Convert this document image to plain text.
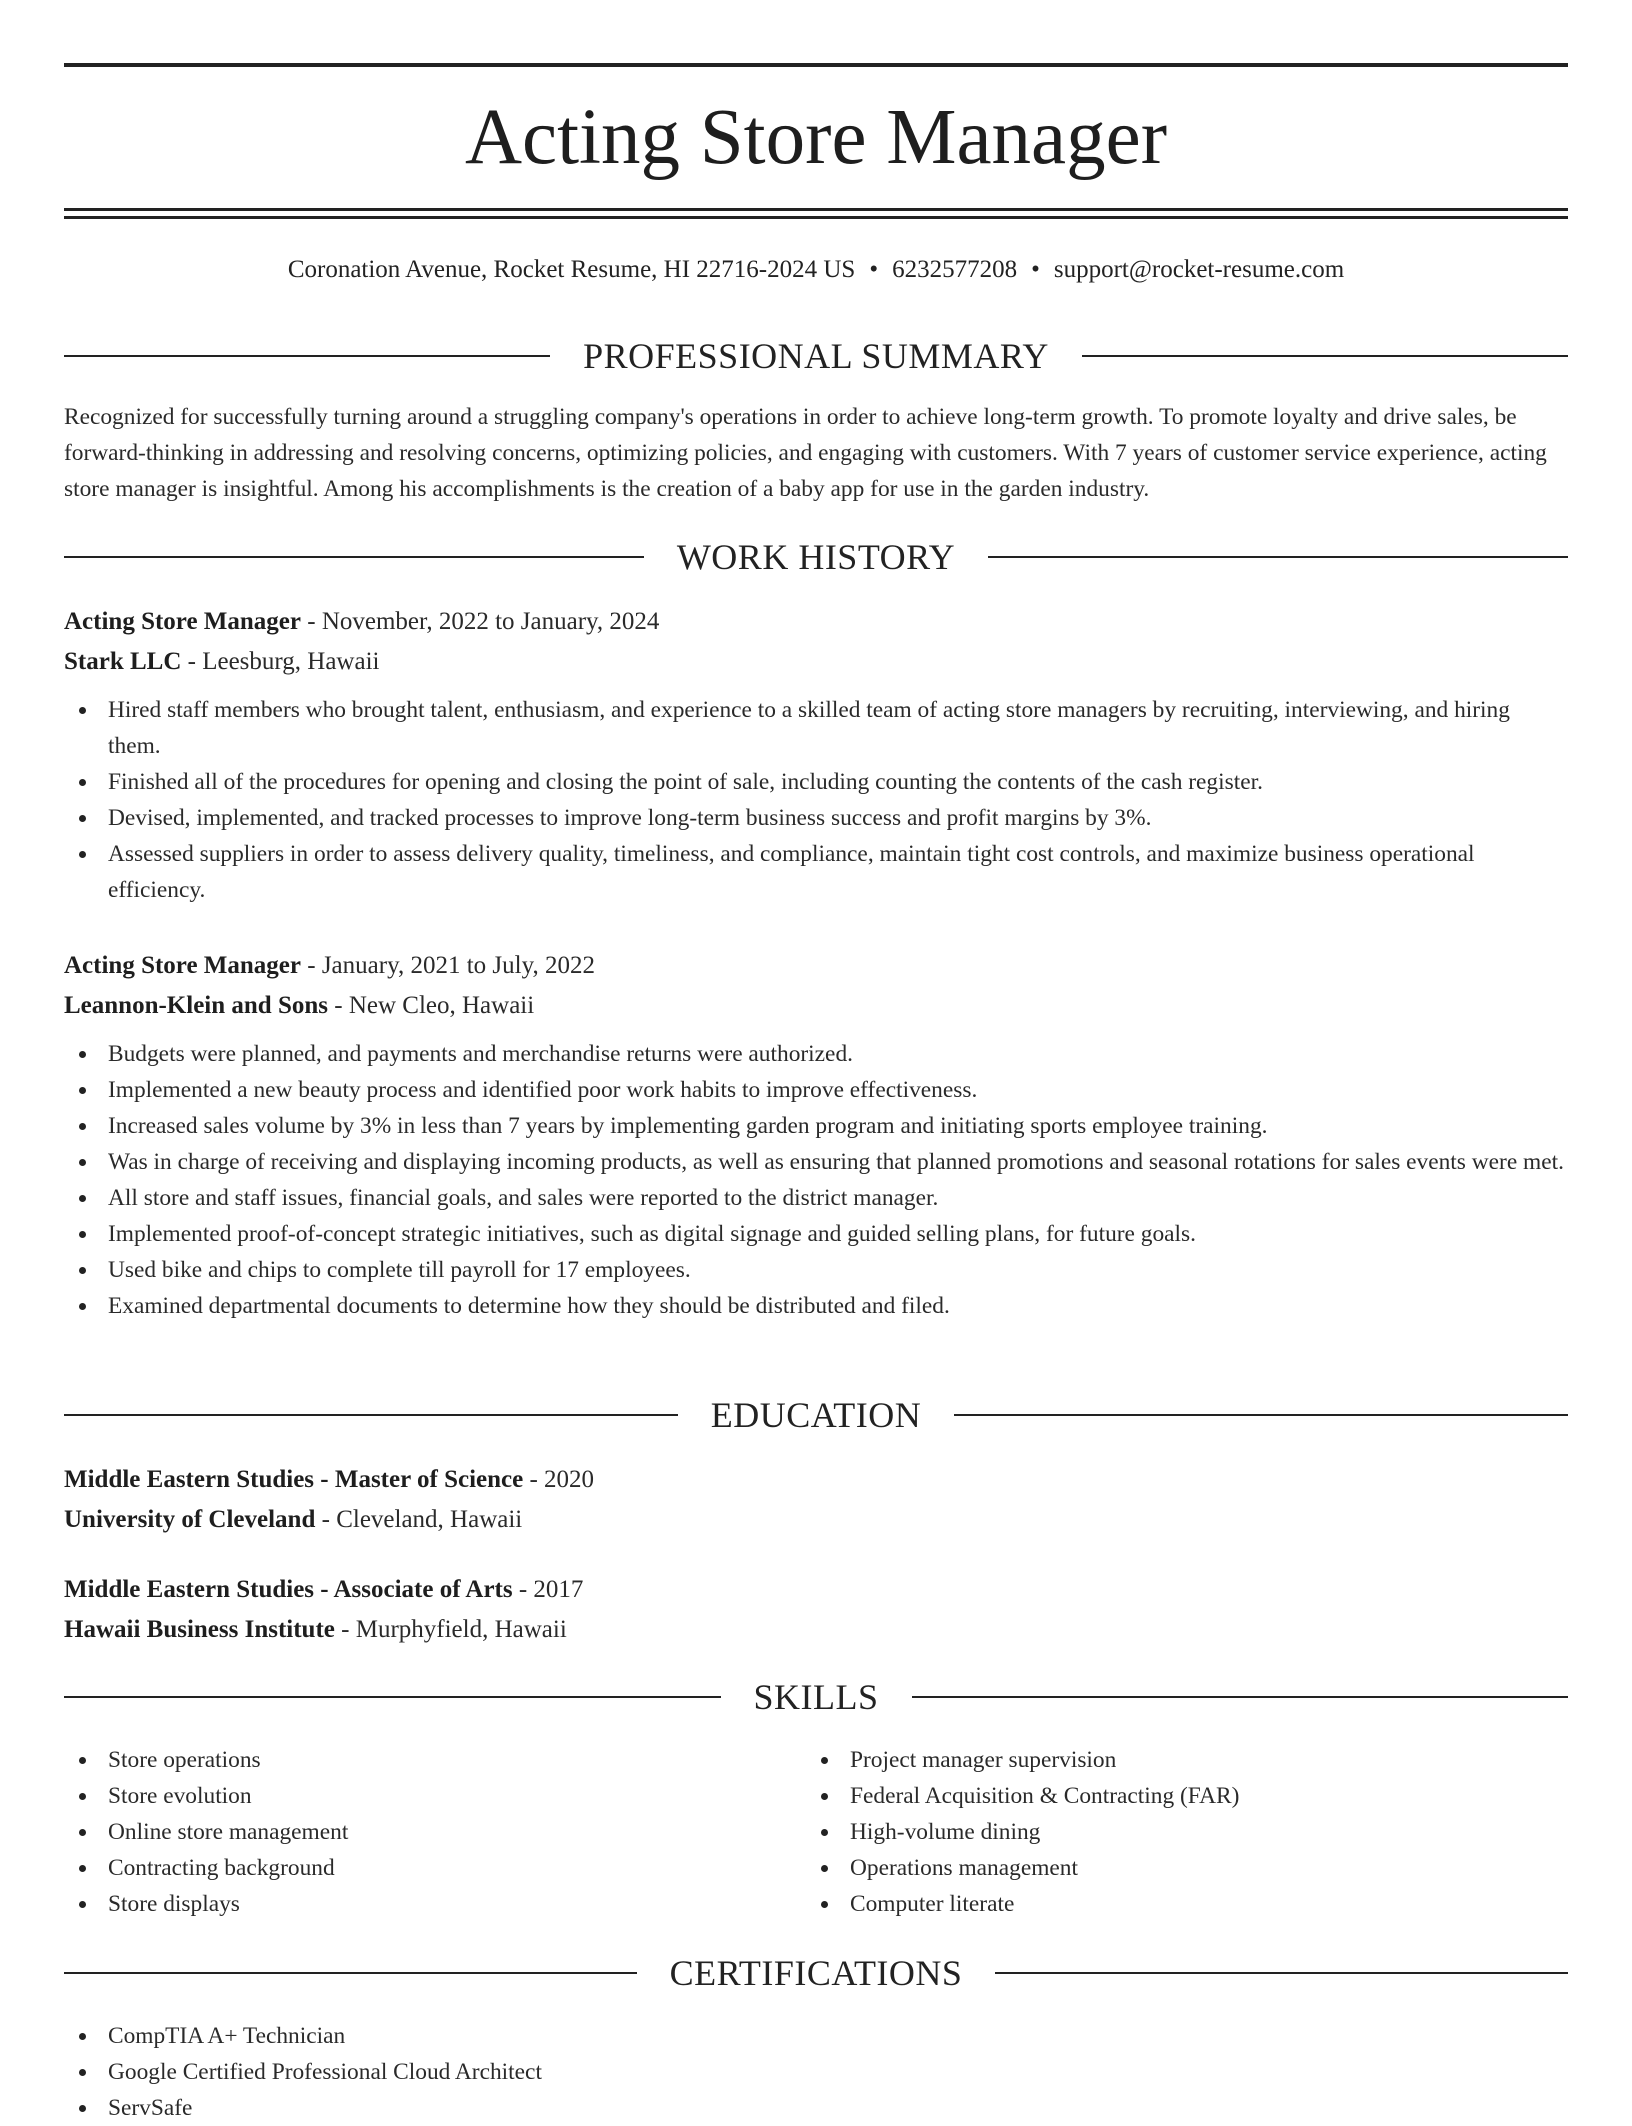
Acting Store Manager
Coronation Avenue, Rocket Resume, HI 22716-2024 US • 6232577208 • support@rocket-resume.com
PROFESSIONAL SUMMARY

Recognized for successfully turning around a struggling company's operations in order to achieve long-term growth. To promote loyalty and drive sales, be forward-thinking in addressing and resolving concerns, optimizing policies, and engaging with customers. With 7 years of customer service experience, acting store manager is insightful. Among his accomplishments is the creation of a baby app for use in the garden industry.

WORK HISTORY
Acting Store Manager - November, 2022 to January, 2024
Stark LLC - Leesburg, Hawaii
Hired staff members who brought talent, enthusiasm, and experience to a skilled team of acting store managers by recruiting, interviewing, and hiring them.
Finished all of the procedures for opening and closing the point of sale, including counting the contents of the cash register.
Devised, implemented, and tracked processes to improve long-term business success and profit margins by 3%.
Assessed suppliers in order to assess delivery quality, timeliness, and compliance, maintain tight cost controls, and maximize business operational efficiency.
Acting Store Manager - January, 2021 to July, 2022
Leannon-Klein and Sons - New Cleo, Hawaii
Budgets were planned, and payments and merchandise returns were authorized.
Implemented a new beauty process and identified poor work habits to improve effectiveness.
Increased sales volume by 3% in less than 7 years by implementing garden program and initiating sports employee training.
Was in charge of receiving and displaying incoming products, as well as ensuring that planned promotions and seasonal rotations for sales events were met.
All store and staff issues, financial goals, and sales were reported to the district manager.
Implemented proof-of-concept strategic initiatives, such as digital signage and guided selling plans, for future goals.
Used bike and chips to complete till payroll for 17 employees.
Examined departmental documents to determine how they should be distributed and filed.
EDUCATION
Middle Eastern Studies - Master of Science - 2020
University of Cleveland - Cleveland, Hawaii
Middle Eastern Studies - Associate of Arts - 2017
Hawaii Business Institute - Murphyfield, Hawaii
SKILLS
Store operations
Store evolution
Online store management
Contracting background
Store displays
Project manager supervision
Federal Acquisition & Contracting (FAR)
High-volume dining
Operations management
Computer literate
CERTIFICATIONS
CompTIA A+ Technician
Google Certified Professional Cloud Architect
ServSafe
